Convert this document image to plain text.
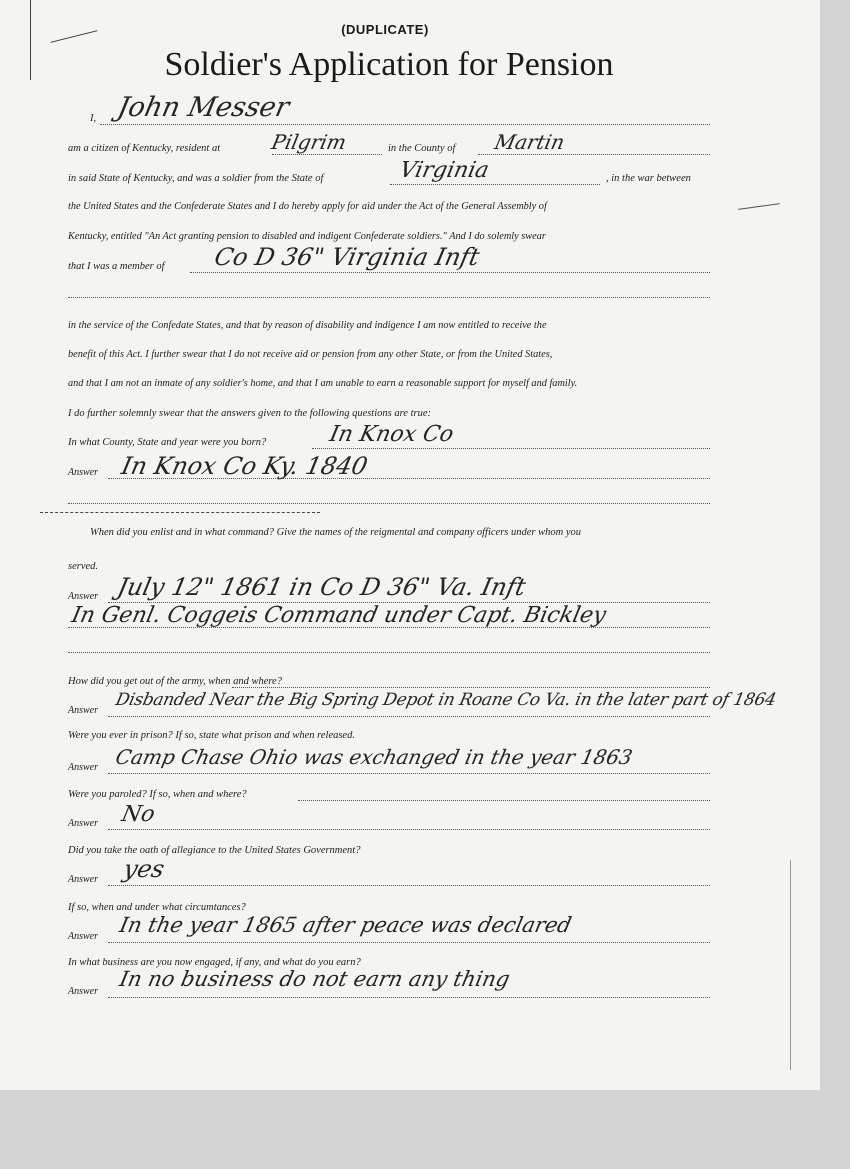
(DUPLICATE)
Soldier's Application for Pension
I, John Messer
am a citizen of Kentucky, resident at Pilgrim	in the County of Martin
in said State of Kentucky, and was a soldier from the State of	Virginia	, in the war between
the United States and the Confederate States and I do hereby apply for aid under the Act of the General Assembly of
Kentucky, entitled "An Act granting pension to disabled and indigent Confederate soldiers." And I do solemly swear
that I was a member of Co D 36" Virginia Inft
in the service of the Confedate States, and that by reason of disability and indigence I am now entitled to receive the
benefit of this Act. I further swear that I do not receive aid or pension from any other State, or from the United States,
and that I am not an inmate of any soldier's home, and that I am unable to earn a reasonable support for myself and family.
I do further solemnly swear that the answers given to the following questions are true:
In what County, State and year were you born?	In Knox Co
Answer In Knox Co Ky. 1840
When did you enlist and in what command? Give the names of the reigmental and company officers under whom you
served.
Answer July 12" 1861 in Co D 36" Va. Inft
In Genl. Coggeis Command under Capt. Bickley
How did you get out of the army, when and where?
Answer
Disbanded Near the Big Spring Depot in Roane Co Va. in the later part of 1864
Were you ever in prison? If so, state what prison and when released.
Answer Camp Chase Ohio was exchanged in the year 1863
Were you paroled? If so, when and where?
Answer No
Did you take the oath of allegiance to the United States Government?
Answer yes
If so, when and under what circumtances?
Answer In the year 1865 after peace was declared
In what business are you now engaged, if any, and what do you earn?
Answer
In no business do not earn any thing
